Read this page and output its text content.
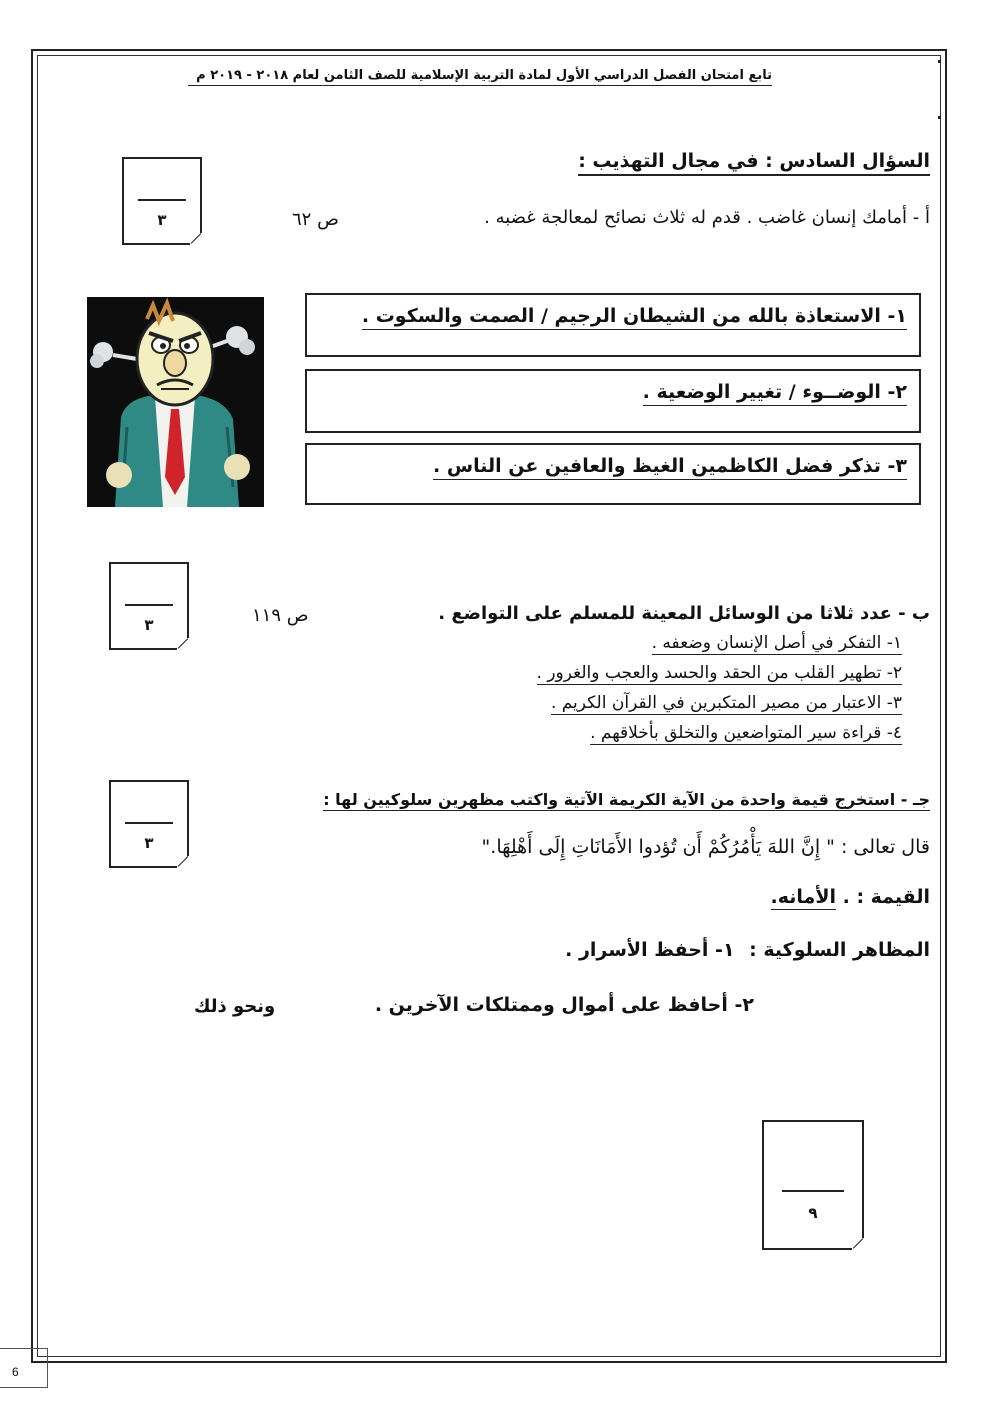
تابع امتحان الفصل الدراسي الأول لمادة التربية الإسلامية للصف الثامن لعام ٢٠١٨ - ٢٠١٩ م
السؤال السادس : في مجال التهذيب :
٣	أ - أمامك إنسان غاضب . قدم له ثلاث نصائح لمعالجة غضبه .
ص ٦٢
١- الاستعاذة بالله من الشيطان الرجيم / الصمت والسكوت .
٢- الوضــوء / تغيير الوضعية .
٣- تذكر فضل الكاظمين الغيظ والعافين عن الناس .
٣
ب - عدد ثلاثا من الوسائل المعينة للمسلم على التواضع .
ص ١١٩
١- التفكر في أصل الإنسان وضعفه .
٢- تطهير القلب من الحقد والحسد والعجب والغرور .
٣- الاعتبار من مصير المتكبرين في القرآن الكريم .
٤- قراءة سير المتواضعين والتخلق بأخلاقهم .
٣
جـ - استخرج قيمة واحدة من الآية الكريمة الآتية واكتب مظهرين سلوكيين لها :
قال تعالى : " إِنَّ اللهَ يَأْمُرُكُمْ أَن تُؤدوا الأَمَانَاتِ إِلَى أَهْلِهَا."
القيمة : . الأمانه.
المظاهر السلوكية : ١- أحفظ الأسرار .
٢- أحافظ على أموال وممتلكات الآخرين .
ونحو ذلك
٩
6
